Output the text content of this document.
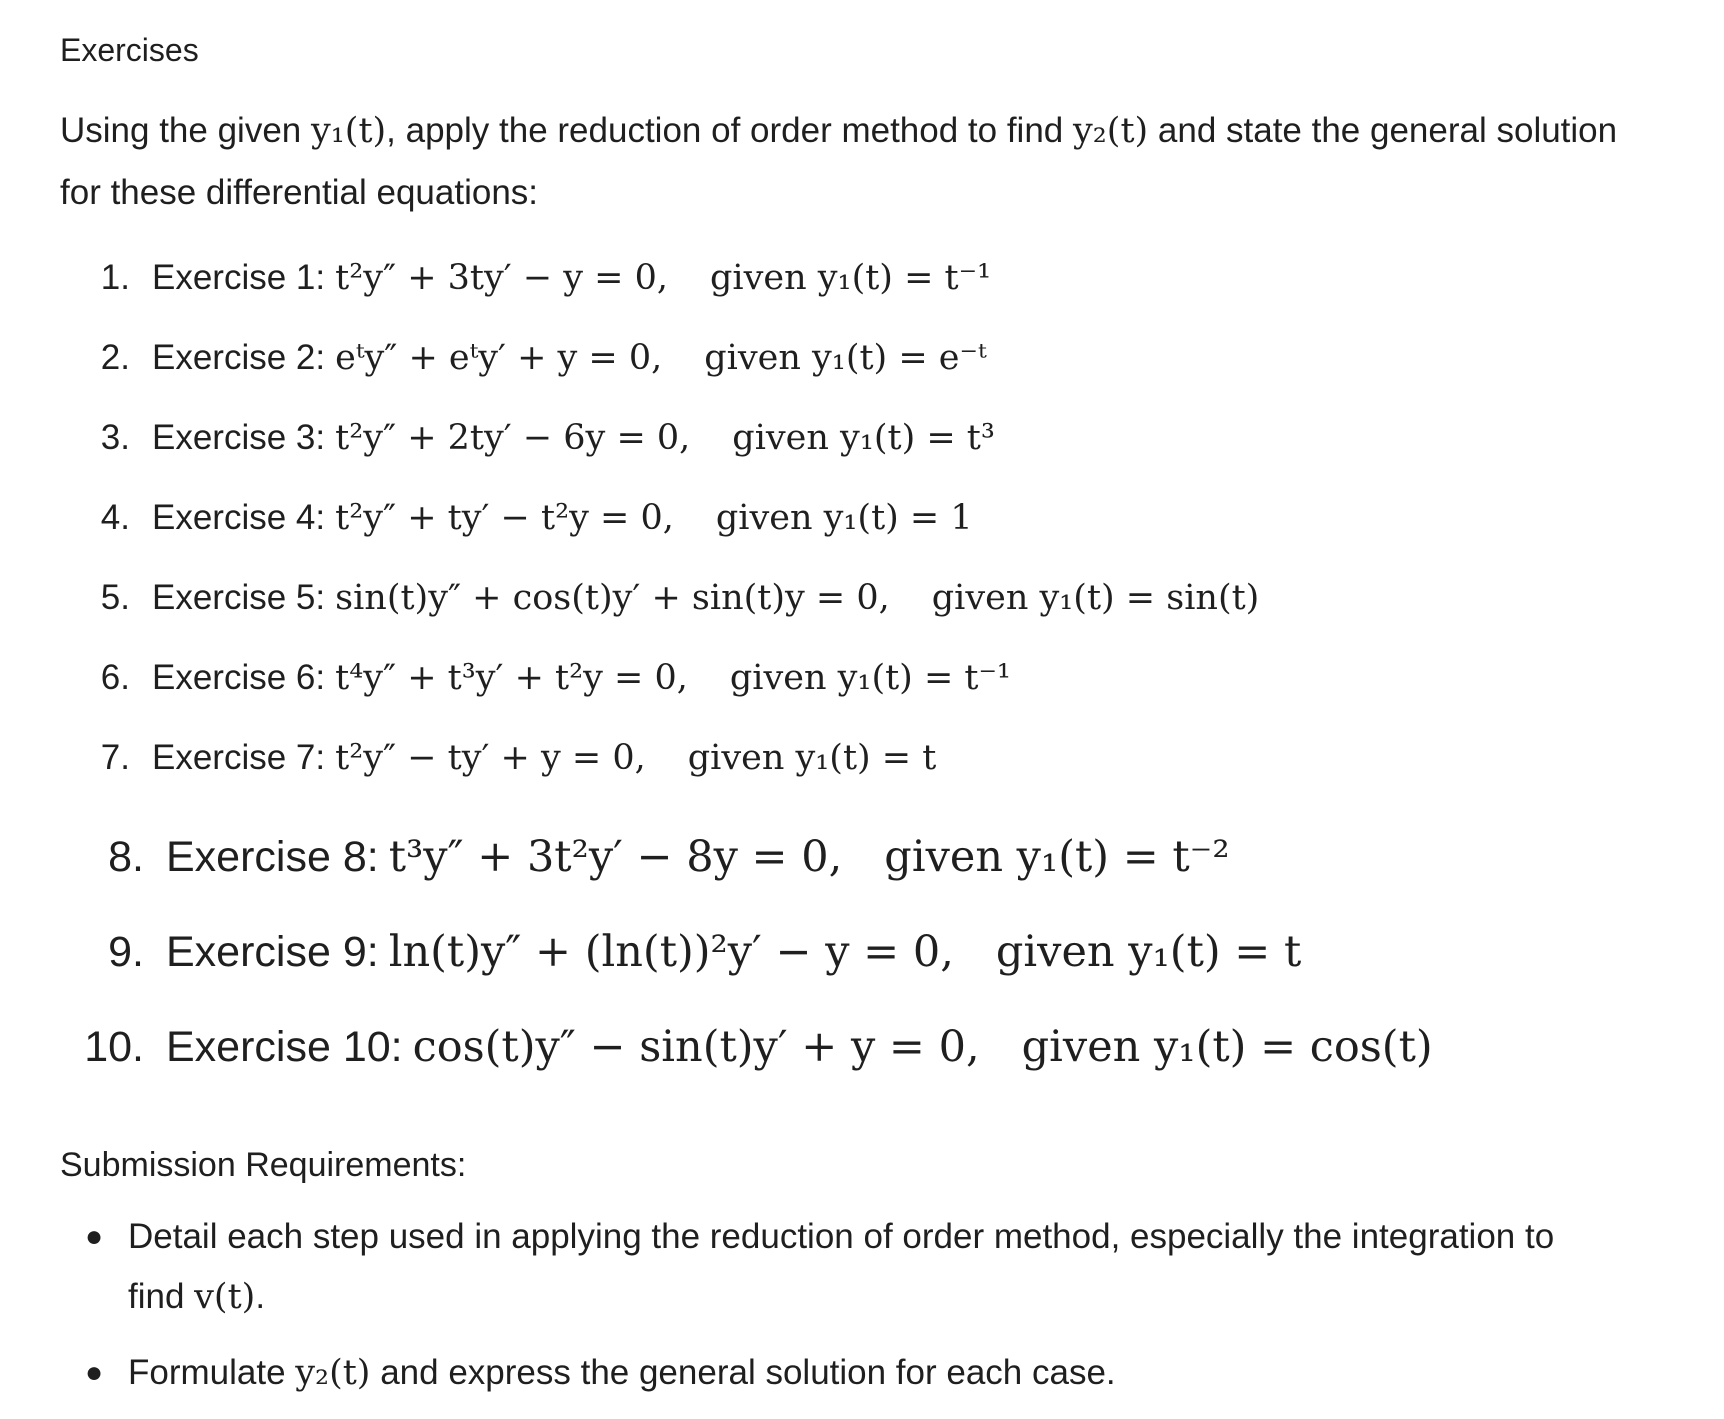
Exercises

Using the given y₁(t), apply the reduction of order method to find y₂(t) and state the general solution for these differential equations:

1. Exercise 1: t²y″ + 3ty′ − y = 0, given y₁(t) = t⁻¹
2. Exercise 2: eᵗy″ + eᵗy′ + y = 0, given y₁(t) = e⁻ᵗ
3. Exercise 3: t²y″ + 2ty′ − 6y = 0, given y₁(t) = t³
4. Exercise 4: t²y″ + ty′ − t²y = 0, given y₁(t) = 1
5. Exercise 5: sin(t)y″ + cos(t)y′ + sin(t)y = 0, given y₁(t) = sin(t)
6. Exercise 6: t⁴y″ + t³y′ + t²y = 0, given y₁(t) = t⁻¹
7. Exercise 7: t²y″ − ty′ + y = 0, given y₁(t) = t
8. Exercise 8: t³y″ + 3t²y′ − 8y = 0, given y₁(t) = t⁻²
9. Exercise 9: ln(t)y″ + (ln(t))²y′ − y = 0, given y₁(t) = t
10. Exercise 10: cos(t)y″ − sin(t)y′ + y = 0, given y₁(t) = cos(t)
Submission Requirements:
● Detail each step used in applying the reduction of order method, especially the integration to find v(t).
● Formulate y₂(t) and express the general solution for each case.
